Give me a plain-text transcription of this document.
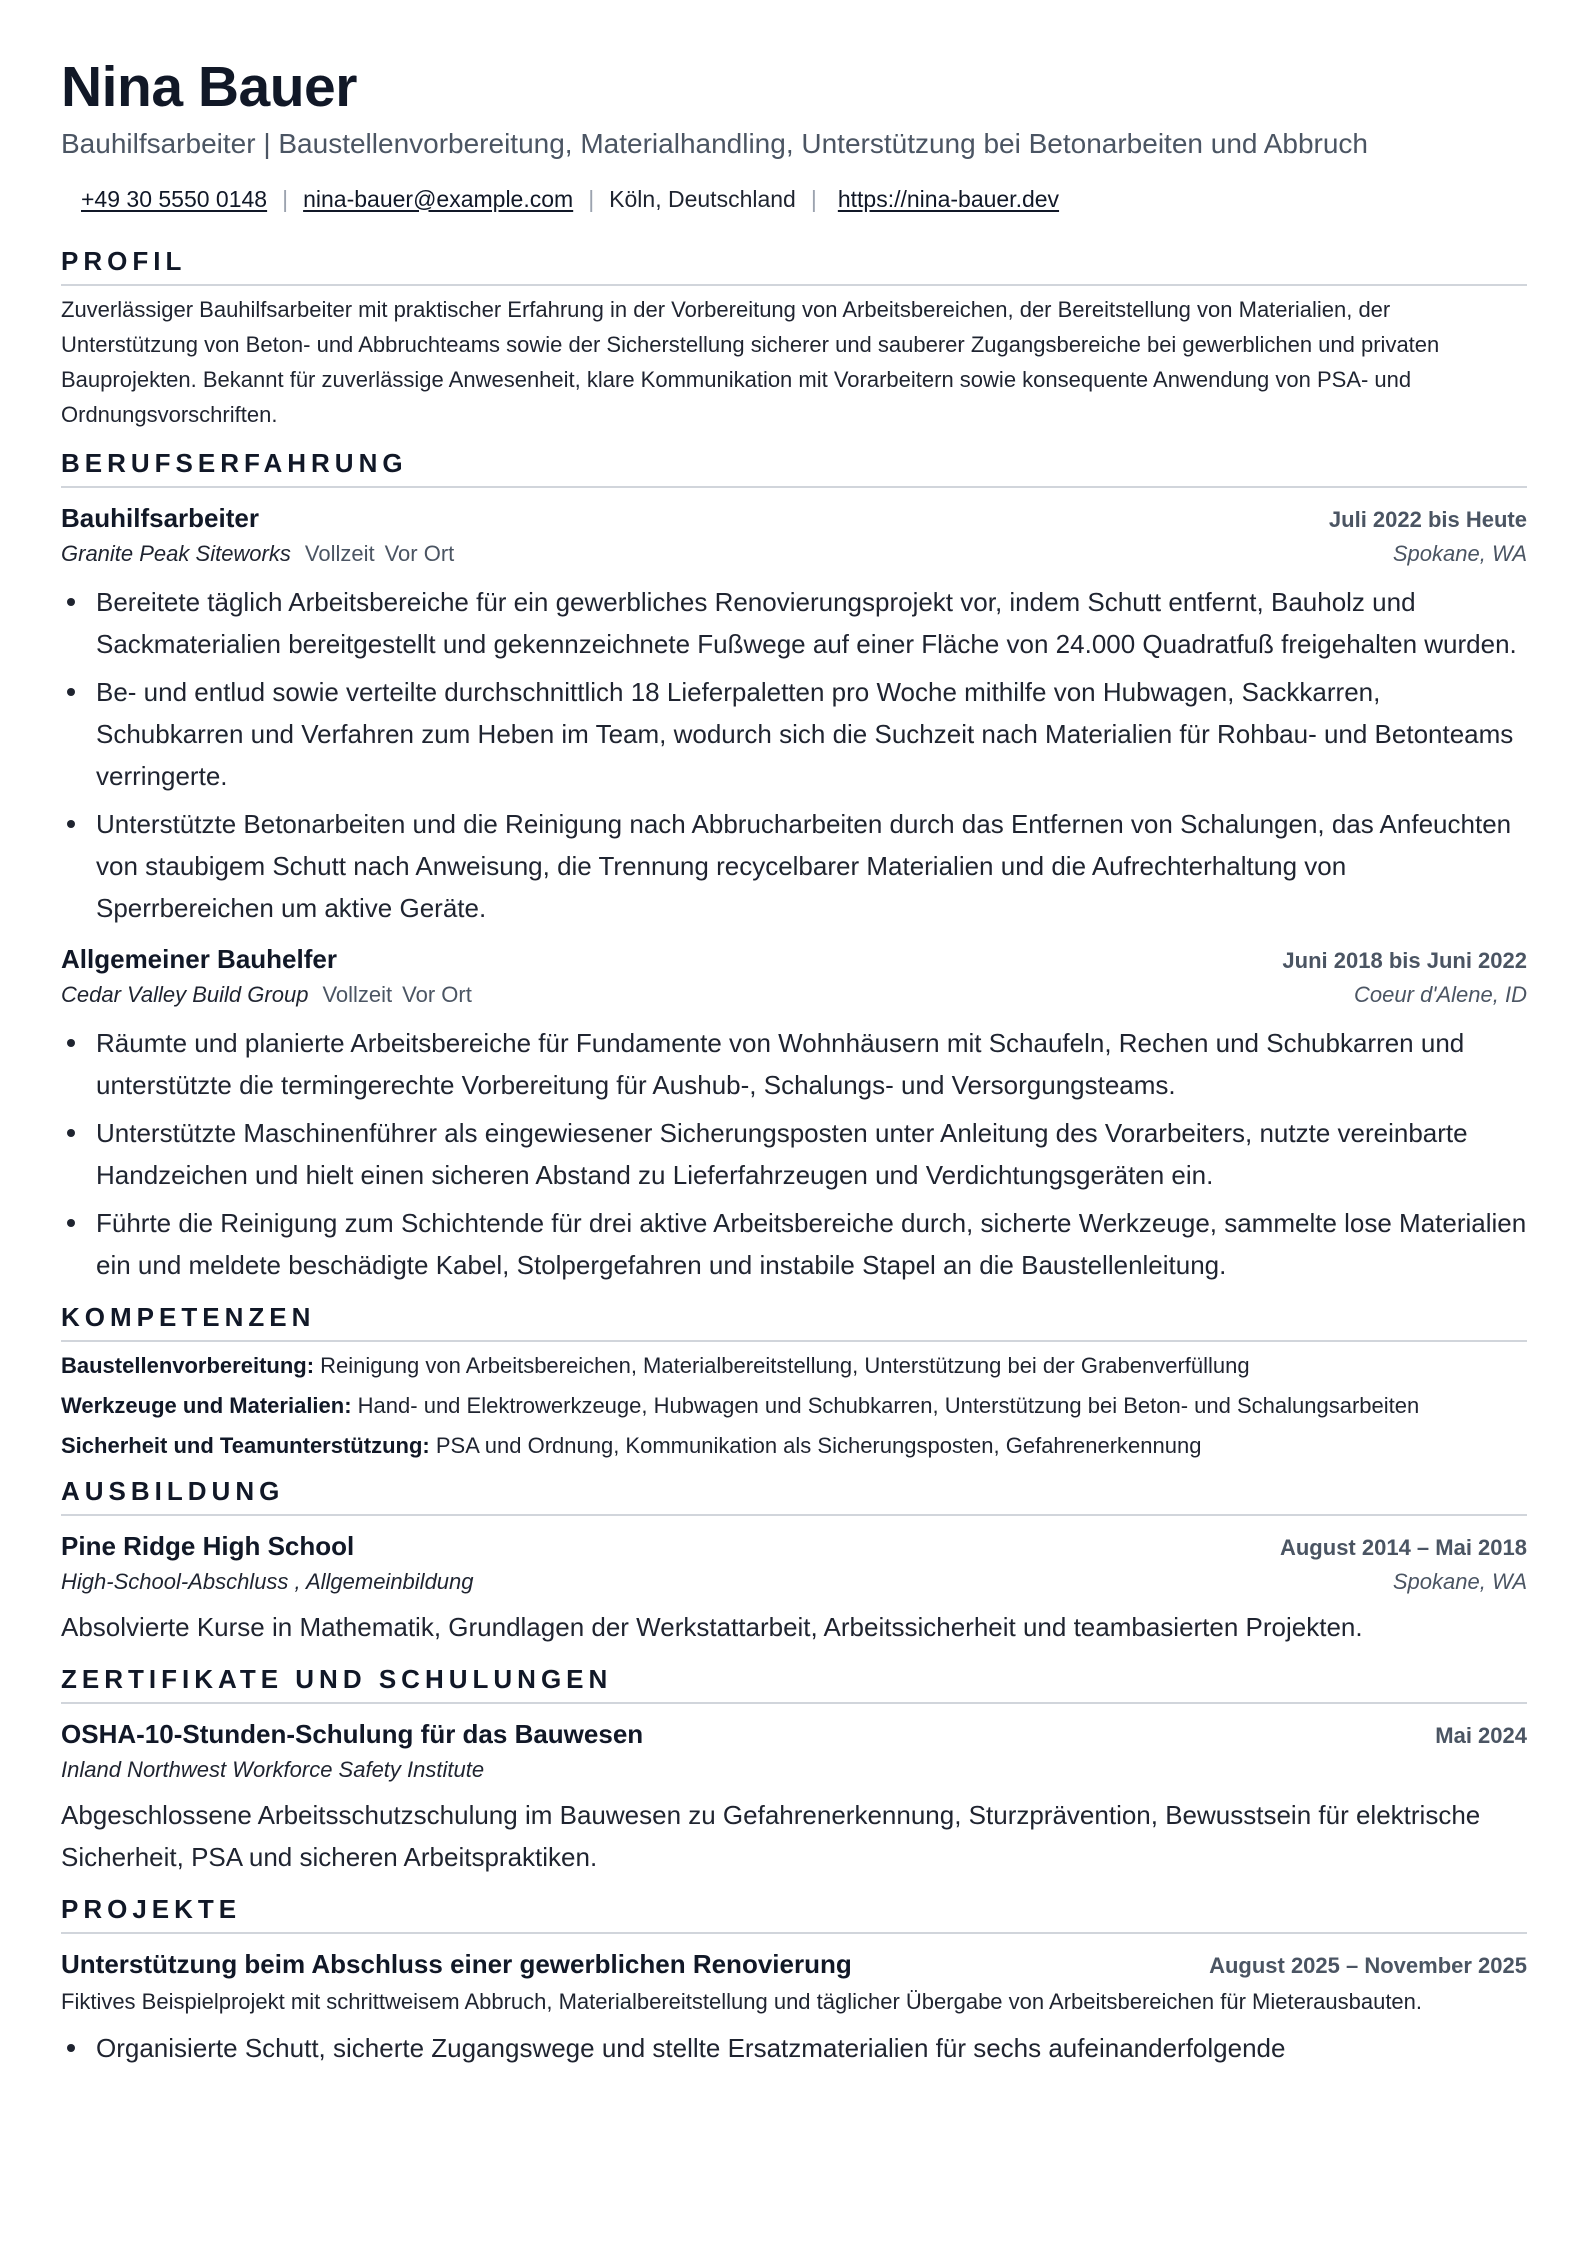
Nina Bauer
Bauhilfsarbeiter | Baustellenvorbereitung, Materialhandling, Unterstützung bei Betonarbeiten und Abbruch
+49 30 5550 0148 | nina-bauer@example.com | Köln, Deutschland | https://nina-bauer.dev
PROFIL
Zuverlässiger Bauhilfsarbeiter mit praktischer Erfahrung in der Vorbereitung von Arbeitsbereichen, der Bereitstellung von Materialien, der Unterstützung von Beton- und Abbruchteams sowie der Sicherstellung sicherer und sauberer Zugangsbereiche bei gewerblichen und privaten Bauprojekten. Bekannt für zuverlässige Anwesenheit, klare Kommunikation mit Vorarbeitern sowie konsequente Anwendung von PSA- und Ordnungsvorschriften.
BERUFSERFAHRUNG
Bauhilfsarbeiter	Juli 2022 bis Heute
Granite Peak Siteworks Vollzeit Vor Ort	Spokane, WA
Bereitete täglich Arbeitsbereiche für ein gewerbliches Renovierungsprojekt vor, indem Schutt entfernt, Bauholz und Sackmaterialien bereitgestellt und gekennzeichnete Fußwege auf einer Fläche von 24.000 Quadratfuß freigehalten wurden.
Be- und entlud sowie verteilte durchschnittlich 18 Lieferpaletten pro Woche mithilfe von Hubwagen, Sackkarren, Schubkarren und Verfahren zum Heben im Team, wodurch sich die Suchzeit nach Materialien für Rohbau- und Betonteams verringerte.
Unterstützte Betonarbeiten und die Reinigung nach Abbrucharbeiten durch das Entfernen von Schalungen, das Anfeuchten von staubigem Schutt nach Anweisung, die Trennung recycelbarer Materialien und die Aufrechterhaltung von Sperrbereichen um aktive Geräte.
Allgemeiner Bauhelfer	Juni 2018 bis Juni 2022
Cedar Valley Build Group Vollzeit Vor Ort	Coeur d'Alene, ID
Räumte und planierte Arbeitsbereiche für Fundamente von Wohnhäusern mit Schaufeln, Rechen und Schubkarren und unterstützte die termingerechte Vorbereitung für Aushub-, Schalungs- und Versorgungsteams.
Unterstützte Maschinenführer als eingewiesener Sicherungsposten unter Anleitung des Vorarbeiters, nutzte vereinbarte Handzeichen und hielt einen sicheren Abstand zu Lieferfahrzeugen und Verdichtungsgeräten ein.
Führte die Reinigung zum Schichtende für drei aktive Arbeitsbereiche durch, sicherte Werkzeuge, sammelte lose Materialien ein und meldete beschädigte Kabel, Stolpergefahren und instabile Stapel an die Baustellenleitung.
KOMPETENZEN
Baustellenvorbereitung: Reinigung von Arbeitsbereichen, Materialbereitstellung, Unterstützung bei der Grabenverfüllung
Werkzeuge und Materialien: Hand- und Elektrowerkzeuge, Hubwagen und Schubkarren, Unterstützung bei Beton- und Schalungsarbeiten
Sicherheit und Teamunterstützung: PSA und Ordnung, Kommunikation als Sicherungsposten, Gefahrenerkennung
AUSBILDUNG
Pine Ridge High School	August 2014 – Mai 2018
High-School-Abschluss , Allgemeinbildung	Spokane, WA
Absolvierte Kurse in Mathematik, Grundlagen der Werkstattarbeit, Arbeitssicherheit und teambasierten Projekten.
ZERTIFIKATE UND SCHULUNGEN
OSHA-10-Stunden-Schulung für das Bauwesen	Mai 2024
Inland Northwest Workforce Safety Institute
Abgeschlossene Arbeitsschutzschulung im Bauwesen zu Gefahrenerkennung, Sturzprävention, Bewusstsein für elektrische Sicherheit, PSA und sicheren Arbeitspraktiken.
PROJEKTE
Unterstützung beim Abschluss einer gewerblichen Renovierung	August 2025 – November 2025
Fiktives Beispielprojekt mit schrittweisem Abbruch, Materialbereitstellung und täglicher Übergabe von Arbeitsbereichen für Mieterausbauten.
Organisierte Schutt, sicherte Zugangswege und stellte Ersatzmaterialien für sechs aufeinanderfolgende
